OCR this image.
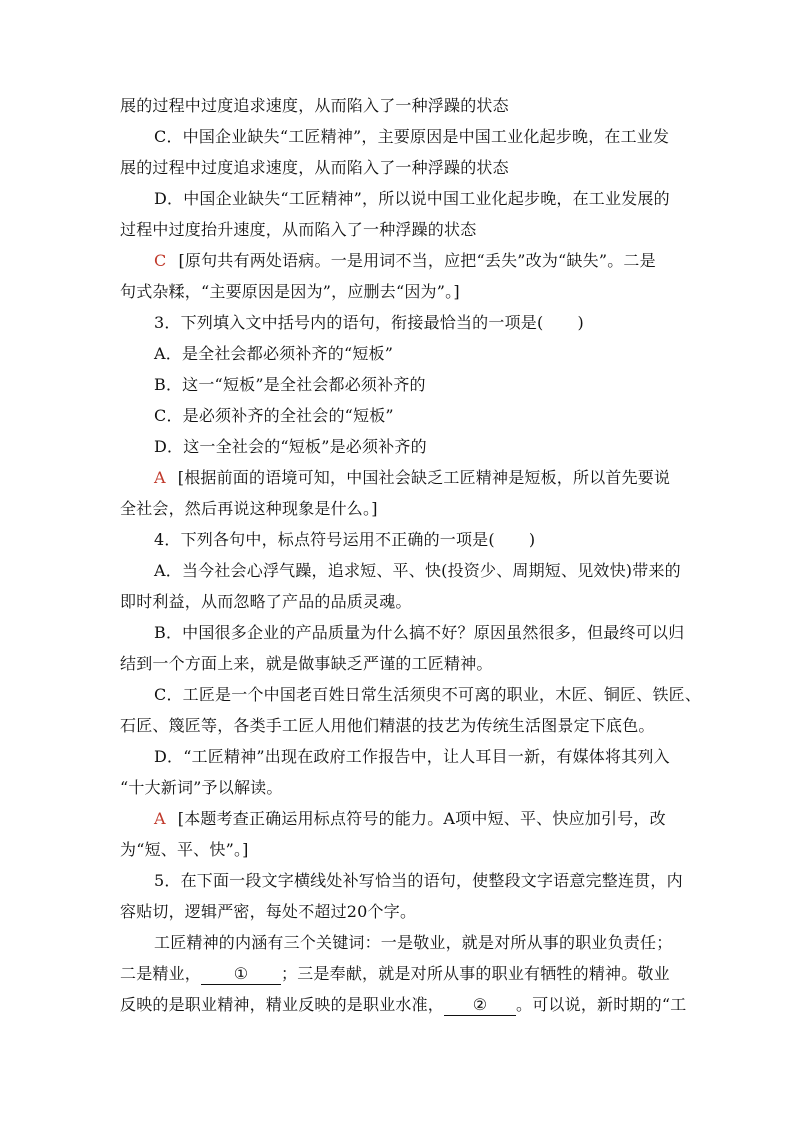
展的过程中过度追求速度，从而陷入了一种浮躁的状态
C．中国企业缺失“工匠精神”，主要原因是中国工业化起步晚，在工业发
展的过程中过度追求速度，从而陷入了一种浮躁的状态
D．中国企业缺失“工匠精神”，所以说中国工业化起步晚，在工业发展的
过程中过度抬升速度，从而陷入了一种浮躁的状态
C [原句共有两处语病。一是用词不当，应把“丢失”改为“缺失”。二是
句式杂糅，“主要原因是因为”，应删去“因为”。]
3．下列填入文中括号内的语句，衔接最恰当的一项是( )
A．是全社会都必须补齐的“短板”
B．这一“短板”是全社会都必须补齐的
C．是必须补齐的全社会的“短板”
D．这一全社会的“短板”是必须补齐的
A [根据前面的语境可知，中国社会缺乏工匠精神是短板，所以首先要说
全社会，然后再说这种现象是什么。]
4．下列各句中，标点符号运用不正确的一项是( )
A．当今社会心浮气躁，追求短、平、快(投资少、周期短、见效快)带来的
即时利益，从而忽略了产品的品质灵魂。
B．中国很多企业的产品质量为什么搞不好？原因虽然很多，但最终可以归
结到一个方面上来，就是做事缺乏严谨的工匠精神。
C．工匠是一个中国老百姓日常生活须臾不可离的职业，木匠、铜匠、铁匠、
石匠、篾匠等，各类手工匠人用他们精湛的技艺为传统生活图景定下底色。
D．“工匠精神”出现在政府工作报告中，让人耳目一新，有媒体将其列入
“十大新词”予以解读。
A [本题考查正确运用标点符号的能力。A项中短、平、快应加引号，改
为“短、平、快”。]
5．在下面一段文字横线处补写恰当的语句，使整段文字语意完整连贯，内
容贴切，逻辑严密，每处不超过20个字。
工匠精神的内涵有三个关键词：一是敬业，就是对所从事的职业负责任；
二是精业， ① ；三是奉献，就是对所从事的职业有牺牲的精神。敬业
反映的是职业精神，精业反映的是职业水准， ② 。可以说，新时期的“工
